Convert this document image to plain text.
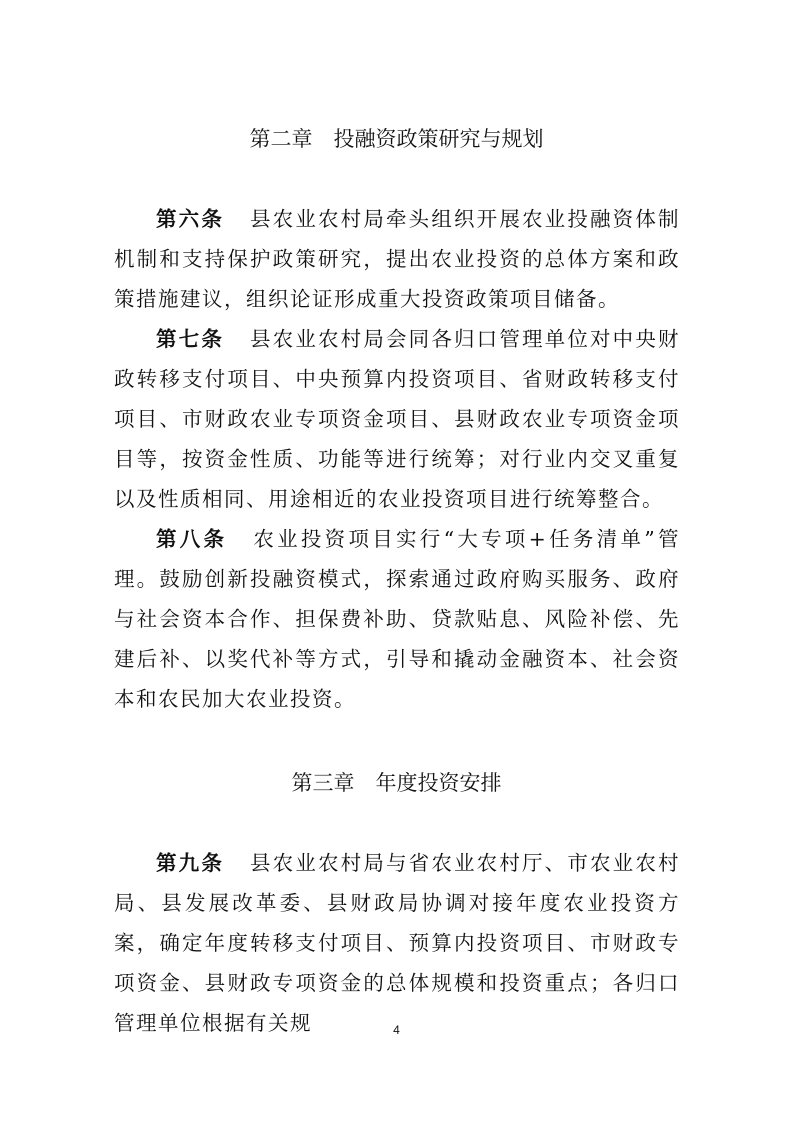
第二章　投融资政策研究与规划
第六条 县农业农村局牵头组织开展农业投融资体制机制和支持保护政策研究，提出农业投资的总体方案和政策措施建议，组织论证形成重大投资政策项目储备。
第七条 县农业农村局会同各归口管理单位对中央财政转移支付项目、中央预算内投资项目、省财政转移支付项目、市财政农业专项资金项目、县财政农业专项资金项目等，按资金性质、功能等进行统筹；对行业内交叉重复以及性质相同、用途相近的农业投资项目进行统筹整合。
第八条 农业投资项目实行“大专项+任务清单”管理。鼓励创新投融资模式，探索通过政府购买服务、政府与社会资本合作、担保费补助、贷款贴息、风险补偿、先建后补、以奖代补等方式，引导和撬动金融资本、社会资本和农民加大农业投资。
第三章　年度投资安排
第九条 县农业农村局与省农业农村厅、市农业农村局、县发展改革委、县财政局协调对接年度农业投资方案，确定年度转移支付项目、预算内投资项目、市财政专项资金、县财政专项资金的总体规模和投资重点；各归口管理单位根据有关规	4
